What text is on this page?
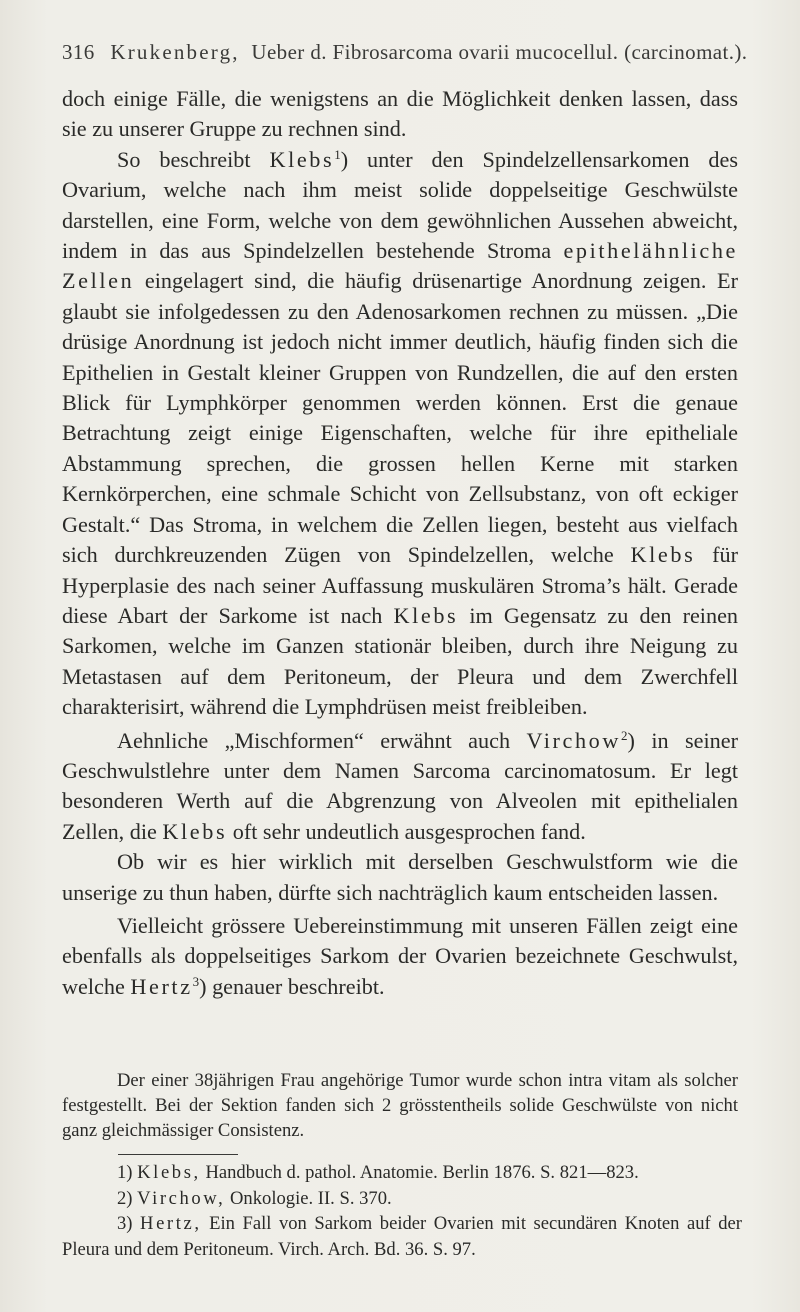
316 Krukenberg, Ueber d. Fibrosarcoma ovarii mucocellul. (carcinomat.).

doch einige Fälle, die wenigstens an die Möglichkeit denken lassen, dass sie zu unserer Gruppe zu rechnen sind.

So beschreibt Klebs$^1$) unter den Spindelzellensarkomen des Ovarium, welche nach ihm meist solide doppelseitige Geschwülste darstellen, eine Form, welche von dem gewöhnlichen Aussehen abweicht, indem in das aus Spindelzellen bestehende Stroma epithelähnliche Zellen eingelagert sind, die häufig drüsenartige Anordnung zeigen. Er glaubt sie infolgedessen zu den Adenosarkomen rechnen zu müssen. „Die drüsige Anordnung ist jedoch nicht immer deutlich, häufig finden sich die Epithelien in Gestalt kleiner Gruppen von Rundzellen, die auf den ersten Blick für Lymphkörper genommen werden können. Erst die genaue Betrachtung zeigt einige Eigenschaften, welche für ihre epitheliale Abstammung sprechen, die grossen hellen Kerne mit starken Kernkörperchen, eine schmale Schicht von Zellsubstanz, von oft eckiger Gestalt.“ Das Stroma, in welchem die Zellen liegen, besteht aus vielfach sich durchkreuzenden Zügen von Spindelzellen, welche Klebs für Hyperplasie des nach seiner Auffassung muskulären Stroma’s hält. Gerade diese Abart der Sarkome ist nach Klebs im Gegensatz zu den reinen Sarkomen, welche im Ganzen stationär bleiben, durch ihre Neigung zu Metastasen auf dem Peritoneum, der Pleura und dem Zwerchfell charakterisirt, während die Lymphdrüsen meist freibleiben.

Aehnliche „Mischformen“ erwähnt auch Virchow$^2$) in seiner Geschwulstlehre unter dem Namen Sarcoma carcinomatosum. Er legt besonderen Werth auf die Abgrenzung von Alveolen mit epithelialen Zellen, die Klebs oft sehr undeutlich ausgesprochen fand.

Ob wir es hier wirklich mit derselben Geschwulstform wie die unserige zu thun haben, dürfte sich nachträglich kaum entscheiden lassen.

Vielleicht grössere Uebereinstimmung mit unseren Fällen zeigt eine ebenfalls als doppelseitiges Sarkom der Ovarien bezeichnete Geschwulst, welche Hertz$^3$) genauer beschreibt.

Der einer 38jährigen Frau angehörige Tumor wurde schon intra vitam als solcher festgestellt. Bei der Sektion fanden sich 2 grösstentheils solide Geschwülste von nicht ganz gleichmässiger Consistenz.

1) Klebs, Handbuch d. pathol. Anatomie. Berlin 1876. S. 821—823.

2) Virchow, Onkologie. II. S. 370.

3) Hertz, Ein Fall von Sarkom beider Ovarien mit secundären Knoten auf der Pleura und dem Peritoneum. Virch. Arch. Bd. 36. S. 97.
